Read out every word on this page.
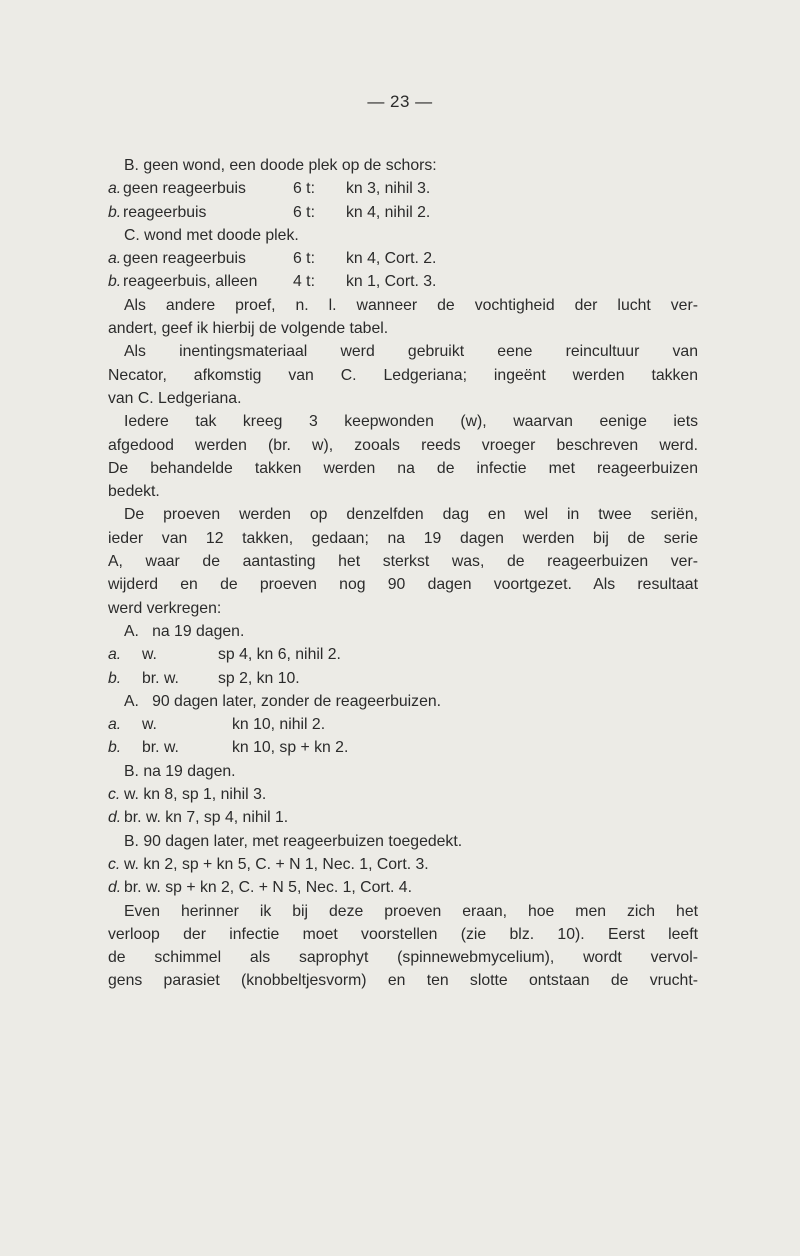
— 23 —
B. geen wond, een doode plek op de schors:
a. geen reageerbuis	6 t: kn 3, nihil 3.
b. reageerbuis	6 t: kn 4, nihil 2.
C. wond met doode plek.
a. geen reageerbuis	6 t: kn 4, Cort. 2.
b. reageerbuis, alleen 4 t: kn 1, Cort. 3.
Als andere proef, n. l. wanneer de vochtigheid der lucht ver-
andert, geef ik hierbij de volgende tabel.
Als inentingsmateriaal werd gebruikt eene reincultuur van
Necator, afkomstig van C. Ledgeriana; ingeënt werden takken
van C. Ledgeriana.
Iedere tak kreeg 3 keepwonden (w), waarvan eenige iets
afgedood werden (br. w), zooals reeds vroeger beschreven werd.
De behandelde takken werden na de infectie met reageerbuizen
bedekt.
De proeven werden op denzelfden dag en wel in twee seriën,
ieder van 12 takken, gedaan; na 19 dagen werden bij de serie
A, waar de aantasting het sterkst was, de reageerbuizen ver-
wijderd en de proeven nog 90 dagen voortgezet. Als resultaat
werd verkregen:
A.   na 19 dagen.
a. w.	sp 4, kn 6, nihil 2.
b. br. w. sp 2, kn 10.
A.   90 dagen later, zonder de reageerbuizen.
a. w.	kn 10, nihil 2.
b. br. w.	kn 10, sp + kn 2.
B. na 19 dagen.
c. w. kn 8, sp 1, nihil 3.
d. br. w. kn 7, sp 4, nihil 1.
B. 90 dagen later, met reageerbuizen toegedekt.
c. w. kn 2, sp + kn 5, C. + N 1, Nec. 1, Cort. 3.
d. br. w. sp + kn 2, C. + N 5, Nec. 1, Cort. 4.
Even herinner ik bij deze proeven eraan, hoe men zich het
verloop der infectie moet voorstellen (zie blz. 10). Eerst leeft
de schimmel als saprophyt (spinnewebmycelium), wordt vervol-
gens parasiet (knobbeltjesvorm) en ten slotte ontstaan de vrucht-
